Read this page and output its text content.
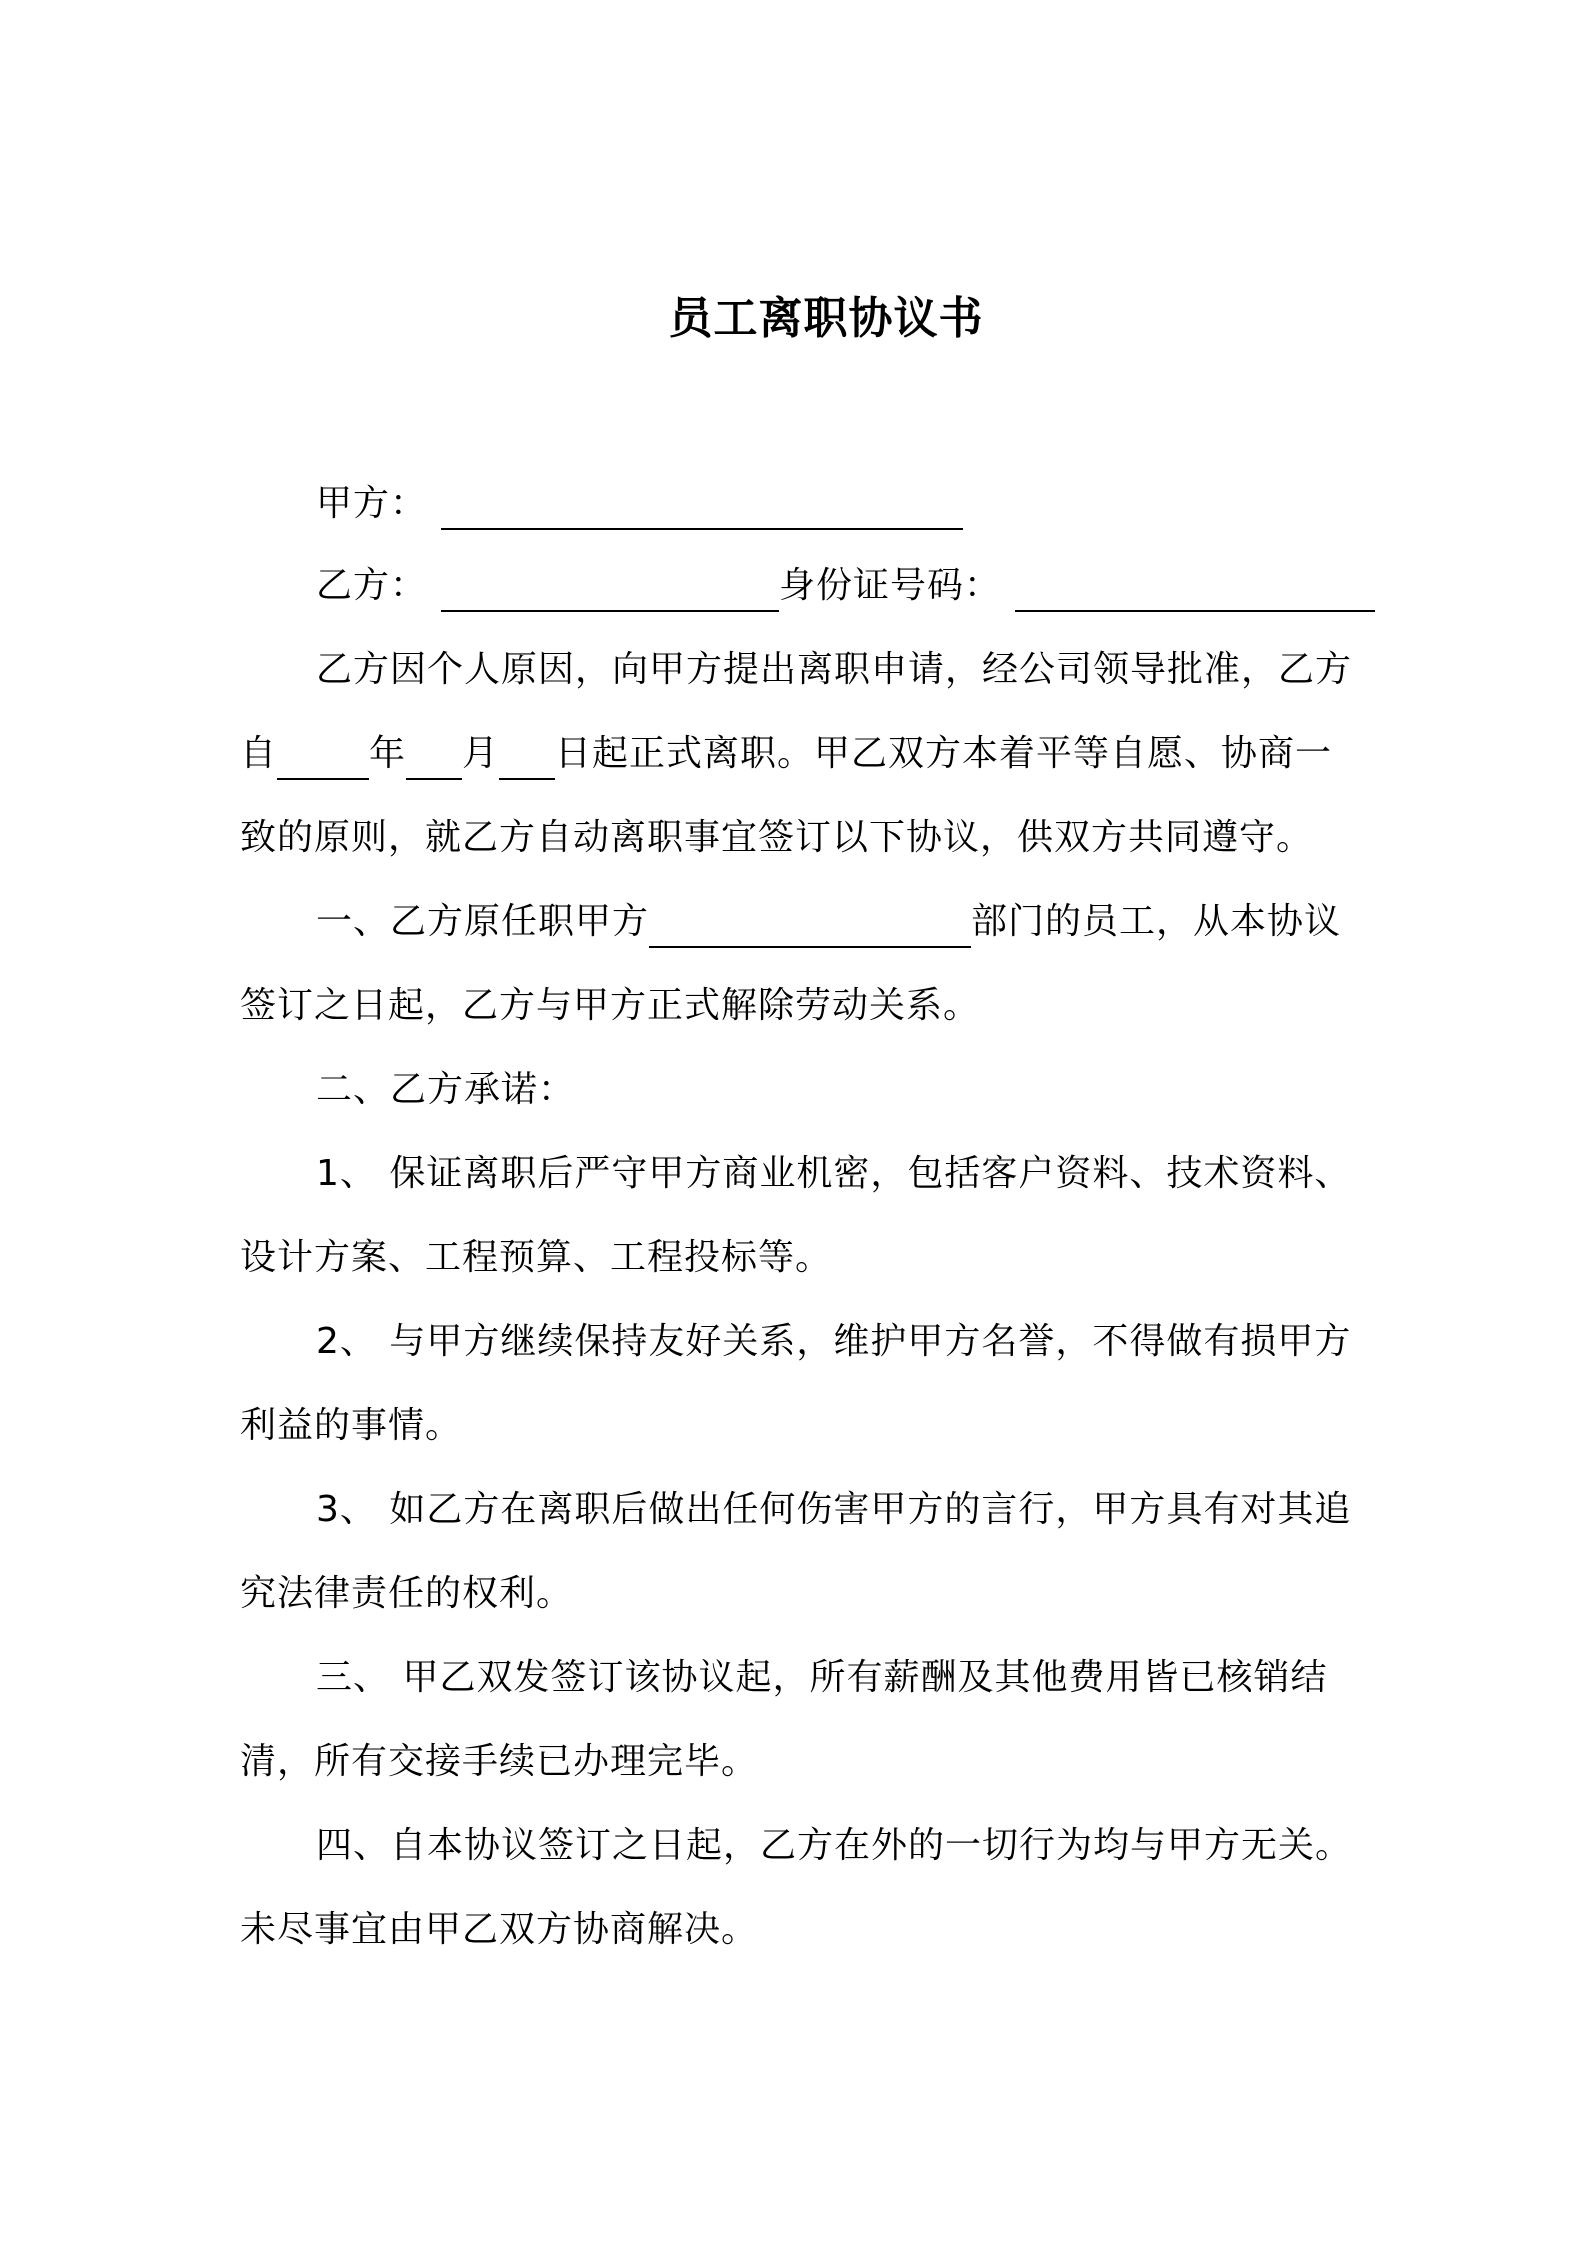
员工离职协议书
甲方：
乙方：	身份证号码：
乙方因个人原因，向甲方提出离职申请，经公司领导批准，乙方
自	年 月 日起正式离职。甲乙双方本着平等自愿、协商一
致的原则，就乙方自动离职事宜签订以下协议，供双方共同遵守。
一、乙方原任职甲方	部门的员工，从本协议
签订之日起，乙方与甲方正式解除劳动关系。
二、乙方承诺：
1、 保证离职后严守甲方商业机密，包括客户资料、技术资料、
设计方案、工程预算、工程投标等。
2、 与甲方继续保持友好关系，维护甲方名誉，不得做有损甲方
利益的事情。
3、 如乙方在离职后做出任何伤害甲方的言行，甲方具有对其追
究法律责任的权利。
三、 甲乙双发签订该协议起，所有薪酬及其他费用皆已核销结
清，所有交接手续已办理完毕。
四、自本协议签订之日起，乙方在外的一切行为均与甲方无关。
未尽事宜由甲乙双方协商解决。
